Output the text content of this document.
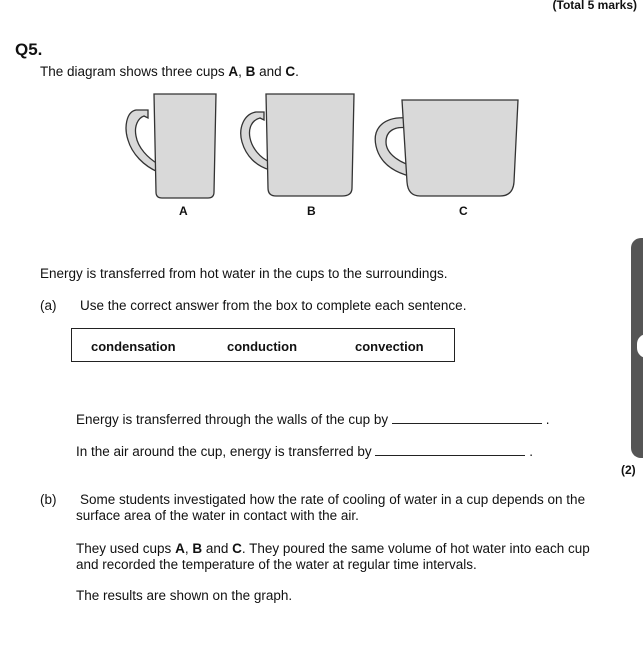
(Total 5 marks)
Q5.
The diagram shows three cups A, B and C.
A	B	C
Energy is transferred from hot water in the cups to the surroundings.
(a) Use the correct answer from the box to complete each sentence.
condensation	conduction	convection
Energy is transferred through the walls of the cup by	.
In the air around the cup, energy is transferred by	.
(2)
(b) Some students investigated how the rate of cooling of water in a cup depends on the surface area of the water in contact with the air.
They used cups A, B and C. They poured the same volume of hot water into each cup and recorded the temperature of the water at regular time intervals.
The results are shown on the graph.
